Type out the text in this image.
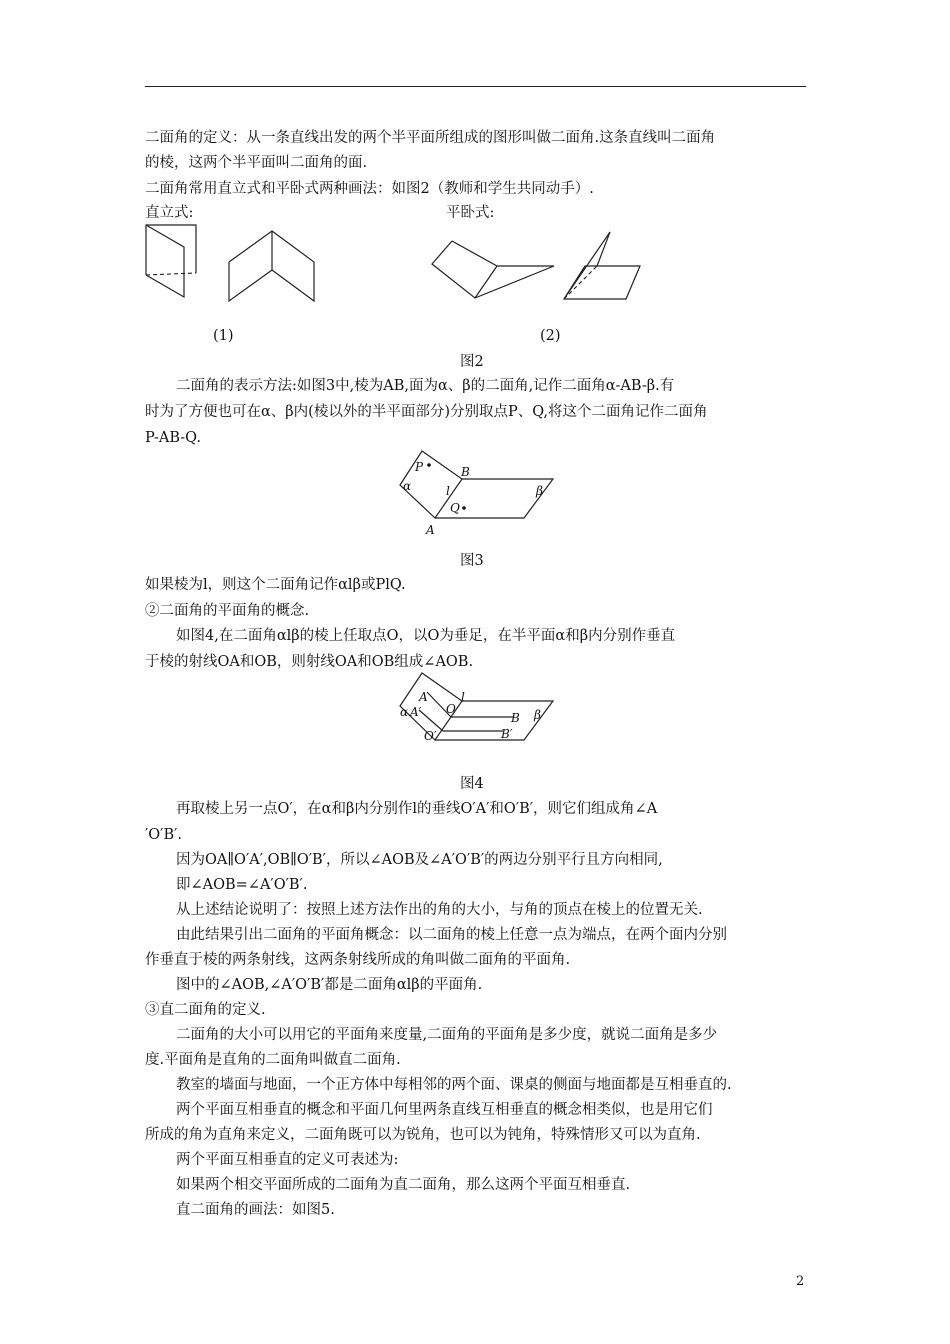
二面角的定义：从一条直线出发的两个半平面所组成的图形叫做二面角.这条直线叫二面角
的棱，这两个半平面叫二面角的面.
二面角常用直立式和平卧式两种画法：如图2（教师和学生共同动手）.
直立式:	平卧式:
(1)	(2)
图2
二面角的表示方法:如图3中,棱为AB,面为α、β的二面角,记作二面角α-AB-β.有
时为了方便也可在α、β内(棱以外的半平面部分)分别取点P、Q,将这个二面角记作二面角
P-AB-Q.
P	B
α	l	β
Q
A
图3
如果棱为l，则这个二面角记作αlβ或PlQ.
②二面角的平面角的概念.
如图4,在二面角αlβ的棱上任取点O，以O为垂足，在半平面α和β内分别作垂直
于棱的射线OA和OB，则射线OA和OB组成∠AOB.
A
O
l
α A′	B β
O′	B′
图4
再取棱上另一点O′，在α和β内分别作l的垂线O′A′和O′B′，则它们组成角∠A
′O′B′.
因为OA∥O′A′,OB∥O′B′，所以∠AOB及∠A′O′B′的两边分别平行且方向相同,
即∠AOB=∠A′O′B′.
从上述结论说明了：按照上述方法作出的角的大小，与角的顶点在棱上的位置无关.
由此结果引出二面角的平面角概念：以二面角的棱上任意一点为端点，在两个面内分别
作垂直于棱的两条射线，这两条射线所成的角叫做二面角的平面角.
图中的∠AOB,∠A′O′B′都是二面角αlβ的平面角.
③直二面角的定义.
二面角的大小可以用它的平面角来度量,二面角的平面角是多少度，就说二面角是多少
度.平面角是直角的二面角叫做直二面角.
教室的墙面与地面，一个正方体中每相邻的两个面、课桌的侧面与地面都是互相垂直的.
两个平面互相垂直的概念和平面几何里两条直线互相垂直的概念相类似，也是用它们
所成的角为直角来定义，二面角既可以为锐角，也可以为钝角，特殊情形又可以为直角.
两个平面互相垂直的定义可表述为:
如果两个相交平面所成的二面角为直二面角，那么这两个平面互相垂直.
直二面角的画法：如图5.
2
